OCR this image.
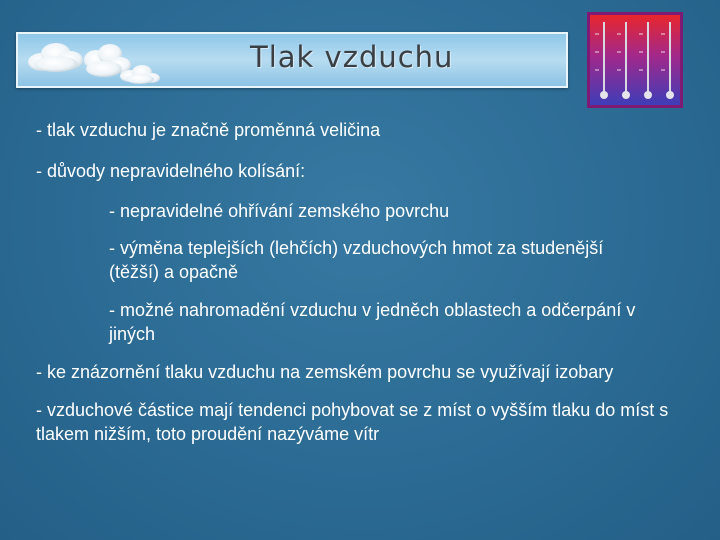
Tlak vzduchu

- tlak vzduchu je značně proměnná veličina

- důvody nepravidelného kolísání:

- nepravidelné ohřívání zemského povrchu

- výměna teplejších (lehčích) vzduchových hmot za studenější (těžší) a opačně

- možné nahromadění vzduchu v jedněch oblastech a odčerpání v jiných

- ke znázornění tlaku vzduchu na zemském povrchu se využívají izobary

- vzduchové částice mají tendenci pohybovat se z míst o vyšším tlaku do míst s tlakem nižším, toto proudění nazýváme vítr
